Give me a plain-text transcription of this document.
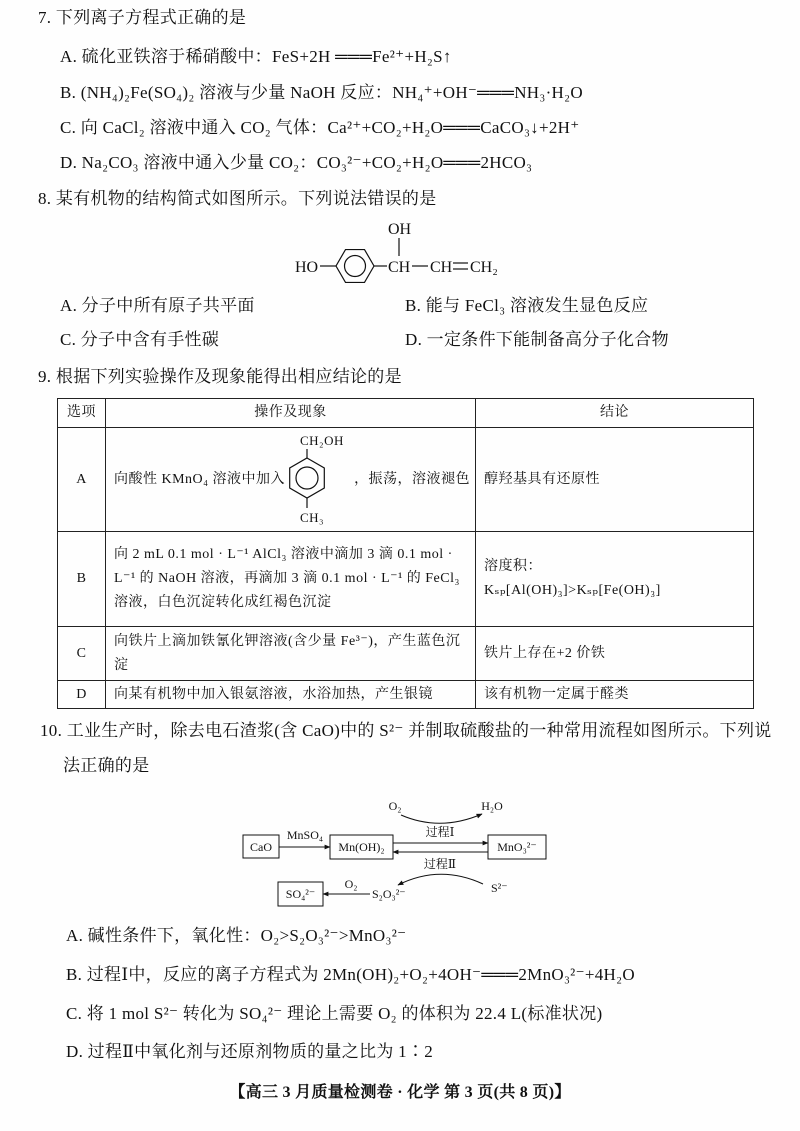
7. 下列离子方程式正确的是
A. 硫化亚铁溶于稀硝酸中：FeS+2H ═══Fe²⁺+H₂S↑
B. (NH₄)₂Fe(SO₄)₂ 溶液与少量 NaOH 反应：NH₄⁺+OH⁻═══NH₃·H₂O
C. 向 CaCl₂ 溶液中通入 CO₂ 气体：Ca²⁺+CO₂+H₂O═══CaCO₃↓+2H⁺
D. Na₂CO₃ 溶液中通入少量 CO₂：CO₃²⁻+CO₂+H₂O═══2HCO₃
8. 某有机物的结构简式如图所示。下列说法错误的是
HO	CH
OH
CH CH₂
A. 分子中所有原子共平面	B. 能与 FeCl₃ 溶液发生显色反应
C. 分子中含有手性碳	D. 一定条件下能制备高分子化合物
9. 根据下列实验操作及现象能得出相应结论的是
选项	操作及现象	结论
A	向酸性 KMnO₄ 溶液中加入
CH₂OH
CH₃
，振荡，溶液褪色	醇羟基具有还原性
B	向 2 mL 0.1 mol · L⁻¹ AlCl₃ 溶液中滴加 3 滴 0.1 mol · L⁻¹ 的 NaOH 溶液，再滴加 3 滴 0.1 mol · L⁻¹ 的 FeCl₃ 溶液，白色沉淀转化成红褐色沉淀	溶度积：
Kₛₚ[Al(OH)₃]>Kₛₚ[Fe(OH)₃]

C	向铁片上滴加铁氰化钾溶液(含少量 Fe³⁻)，产生蓝色沉淀	铁片上存在+2 价铁
D	向某有机物中加入银氨溶液，水浴加热，产生银镜	该有机物一定属于醛类
10. 工业生产时，除去电石渣浆(含 CaO)中的 S²⁻ 并制取硫酸盐的一种常用流程如图所示。下列说法正确的是
CaO
MnSO₄
Mn(OH)₂	MnO₃²⁻
O₂	H₂O
过程Ⅰ
过程Ⅱ
S²⁻
SO₄²⁻
O₂
S₂O₃²⁻
A. 碱性条件下，氧化性：O₂>S₂O₃²⁻>MnO₃²⁻
B. 过程Ⅰ中，反应的离子方程式为 2Mn(OH)₂+O₂+4OH⁻═══2MnO₃²⁻+4H₂O
C. 将 1 mol S²⁻ 转化为 SO₄²⁻ 理论上需要 O₂ 的体积为 22.4 L(标准状况)
D. 过程Ⅱ中氧化剂与还原剂物质的量之比为 1∶2
【高三 3 月质量检测卷 · 化学 第 3 页(共 8 页)】
